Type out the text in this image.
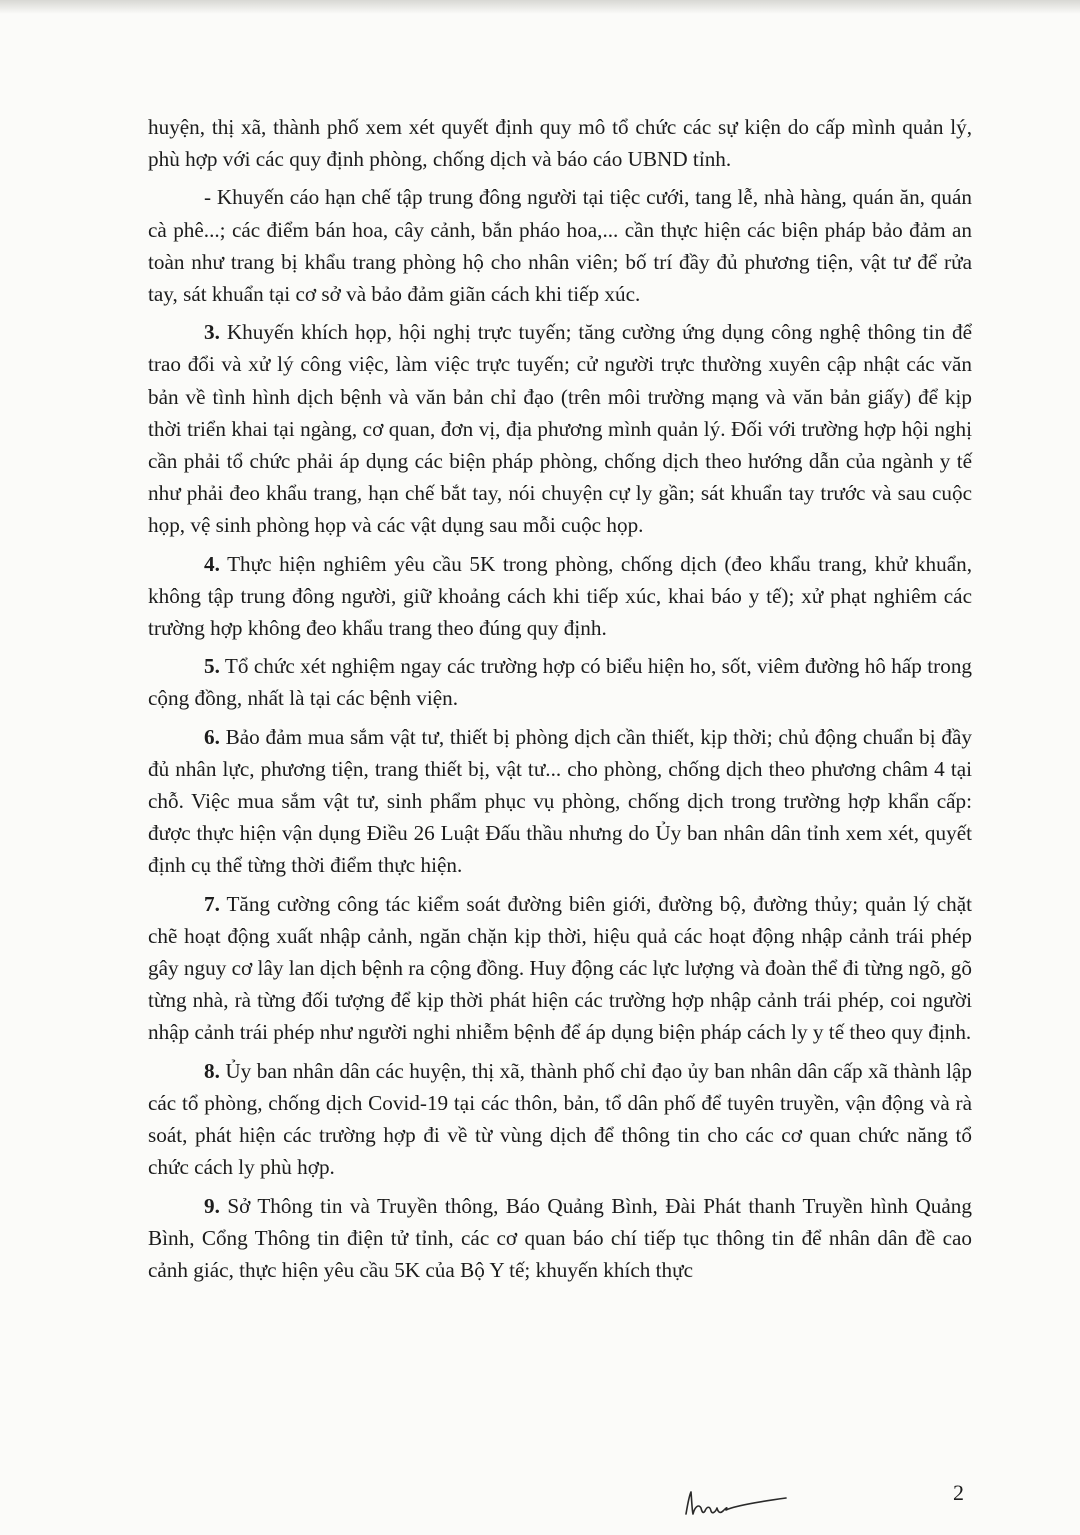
huyện, thị xã, thành phố xem xét quyết định quy mô tổ chức các sự kiện do cấp mình quản lý, phù hợp với các quy định phòng, chống dịch và báo cáo UBND tỉnh.

- Khuyến cáo hạn chế tập trung đông người tại tiệc cưới, tang lễ, nhà hàng, quán ăn, quán cà phê...; các điểm bán hoa, cây cảnh, bắn pháo hoa,... cần thực hiện các biện pháp bảo đảm an toàn như trang bị khẩu trang phòng hộ cho nhân viên; bố trí đầy đủ phương tiện, vật tư để rửa tay, sát khuẩn tại cơ sở và bảo đảm giãn cách khi tiếp xúc.

3. Khuyến khích họp, hội nghị trực tuyến; tăng cường ứng dụng công nghệ thông tin để trao đổi và xử lý công việc, làm việc trực tuyến; cử người trực thường xuyên cập nhật các văn bản về tình hình dịch bệnh và văn bản chỉ đạo (trên môi trường mạng và văn bản giấy) để kịp thời triển khai tại ngàng, cơ quan, đơn vị, địa phương mình quản lý. Đối với trường hợp hội nghị cần phải tổ chức phải áp dụng các biện pháp phòng, chống dịch theo hướng dẫn của ngành y tế như phải đeo khẩu trang, hạn chế bắt tay, nói chuyện cự ly gần; sát khuẩn tay trước và sau cuộc họp, vệ sinh phòng họp và các vật dụng sau mỗi cuộc họp.

4. Thực hiện nghiêm yêu cầu 5K trong phòng, chống dịch (đeo khẩu trang, khử khuẩn, không tập trung đông người, giữ khoảng cách khi tiếp xúc, khai báo y tế); xử phạt nghiêm các trường hợp không đeo khẩu trang theo đúng quy định.

5. Tổ chức xét nghiệm ngay các trường hợp có biểu hiện ho, sốt, viêm đường hô hấp trong cộng đồng, nhất là tại các bệnh viện.

6. Bảo đảm mua sắm vật tư, thiết bị phòng dịch cần thiết, kịp thời; chủ động chuẩn bị đầy đủ nhân lực, phương tiện, trang thiết bị, vật tư... cho phòng, chống dịch theo phương châm 4 tại chỗ. Việc mua sắm vật tư, sinh phẩm phục vụ phòng, chống dịch trong trường hợp khẩn cấp: được thực hiện vận dụng Điều 26 Luật Đấu thầu nhưng do Ủy ban nhân dân tỉnh xem xét, quyết định cụ thể từng thời điểm thực hiện.

7. Tăng cường công tác kiểm soát đường biên giới, đường bộ, đường thủy; quản lý chặt chẽ hoạt động xuất nhập cảnh, ngăn chặn kịp thời, hiệu quả các hoạt động nhập cảnh trái phép gây nguy cơ lây lan dịch bệnh ra cộng đồng. Huy động các lực lượng và đoàn thể đi từng ngõ, gõ từng nhà, rà từng đối tượng để kịp thời phát hiện các trường hợp nhập cảnh trái phép, coi người nhập cảnh trái phép như người nghi nhiễm bệnh để áp dụng biện pháp cách ly y tế theo quy định.

8. Ủy ban nhân dân các huyện, thị xã, thành phố chỉ đạo ủy ban nhân dân cấp xã thành lập các tổ phòng, chống dịch Covid-19 tại các thôn, bản, tổ dân phố để tuyên truyền, vận động và rà soát, phát hiện các trường hợp đi về từ vùng dịch để thông tin cho các cơ quan chức năng tổ chức cách ly phù hợp.

9. Sở Thông tin và Truyền thông, Báo Quảng Bình, Đài Phát thanh Truyền hình Quảng Bình, Cổng Thông tin điện tử tỉnh, các cơ quan báo chí tiếp tục thông tin để nhân dân đề cao cảnh giác, thực hiện yêu cầu 5K của Bộ Y tế; khuyến khích thực

2
